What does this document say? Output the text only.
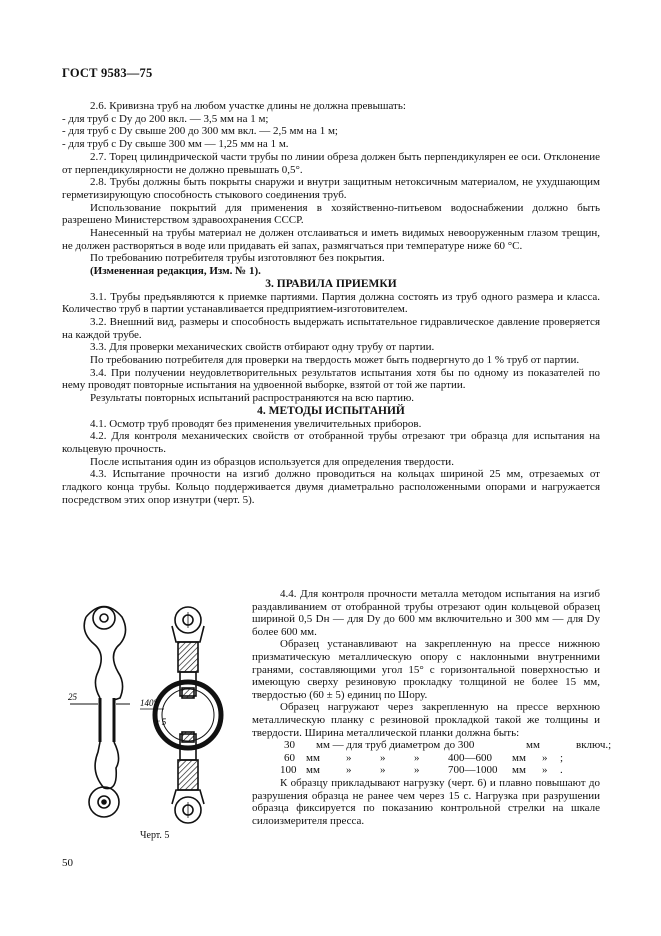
ГОСТ 9583—75

2.6. Кривизна труб на любом участке длины не должна превышать:

- для труб с Dу до 200 вкл. — 3,5 мм на 1 м;

- для труб с Dу свыше 200 до 300 мм вкл. — 2,5 мм на 1 м;

- для труб с Dу свыше 300 мм — 1,25 мм на 1 м.

2.7. Торец цилиндрической части трубы по линии обреза должен быть перпендикулярен ее оси. Отклонение от перпендикулярности не должно превышать 0,5°.

2.8. Трубы должны быть покрыты снаружи и внутри защитным нетоксичным материалом, не ухудшающим герметизирующую способность стыкового соединения труб.

Использование покрытий для применения в хозяйственно-питьевом водоснабжении должно быть разрешено Министерством здравоохранения СССР.

Нанесенный на трубы материал не должен отслаиваться и иметь видимых невооруженным глазом трещин, не должен растворяться в воде или придавать ей запах, размягчаться при температуре ниже 60 °С.

По требованию потребителя трубы изготовляют без покрытия.

(Измененная редакция, Изм. № 1).

3. ПРАВИЛА ПРИЕМКИ

3.1. Трубы предъявляются к приемке партиями. Партия должна состоять из труб одного размера и класса. Количество труб в партии устанавливается предприятием-изготовителем.

3.2. Внешний вид, размеры и способность выдержать испытательное гидравлическое давление проверяется на каждой трубе.

3.3. Для проверки механических свойств отбирают одну трубу от партии.

По требованию потребителя для проверки на твердость может быть подвергнуто до 1 % труб от партии.

3.4. При получении неудовлетворительных результатов испытания хотя бы по одному из показателей по нему проводят повторные испытания на удвоенной выборке, взятой от той же партии.

Результаты повторных испытаний распространяются на всю партию.

4. МЕТОДЫ ИСПЫТАНИЙ

4.1. Осмотр труб проводят без применения увеличительных приборов.

4.2. Для контроля механических свойств от отобранной трубы отрезают три образца для испытания на кольцевую прочность.

После испытания один из образцов используется для определения твердости.

4.3. Испытание прочности на изгиб должно проводиться на кольцах шириной 25 мм, отрезаемых от гладкого конца трубы. Кольцо поддерживается двумя диаметрально расположенными опорами и нагружается посредством этих опор изнутри (черт. 5).

25
140°
r 5
Черт. 5

4.4. Для контроля прочности металла методом испытания на изгиб раздавливанием от отобранной трубы отрезают один кольцевой образец шириной 0,5 Dн — для Dу до 600 мм включительно и 300 мм — для Dу более 600 мм.

Образец устанавливают на закрепленную на прессе нижнюю призматическую металлическую опору с наклонными внутренними гранями, составляющими угол 15° с горизонтальной поверхностью и имеющую сверху резиновую прокладку толщиной не более 15 мм, твердостью (60 ± 5) единиц по Шору.

Образец нагружают через закрепленную на прессе верхнюю металлическую планку с резиновой прокладкой такой же толщины и твердости. Ширина металлической планки должна быть:

30	мм — для труб диаметром до 300	мм	включ.;
60	мм	»	»	»	400—600	мм	»	;
100 мм	»	»	»	700—1000	мм	»	.

К образцу прикладывают нагрузку (черт. 6) и плавно повышают до разрушения образца не ранее чем через 15 с. Нагрузка при разрушении образца фиксируется по показанию контрольной стрелки на шкале силоизмерителя пресса.

50
